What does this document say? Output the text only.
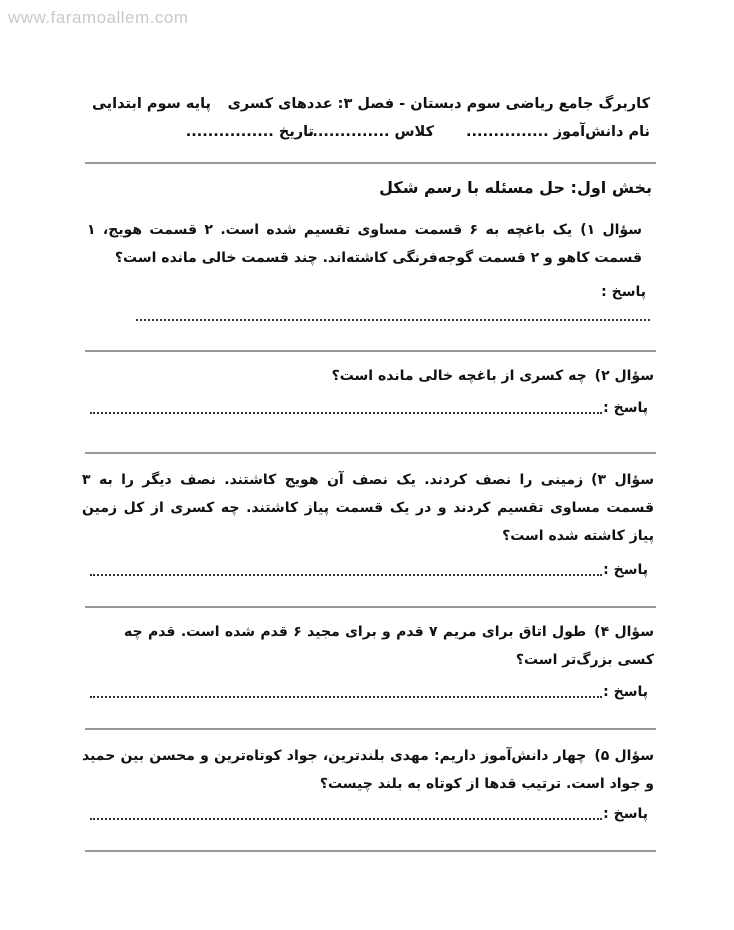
www.faramoallem.com
کاربرگ جامع ریاضی سوم دبستان - فصل ۳: عددهای کسری
پایه سوم ابتدایی
نام دانش‌آموز ...............
کلاس ...............
تاریخ ................
بخش اول: حل مسئله با رسم شکل
سؤال ۱)یک باغچه به ۶ قسمت مساوی تقسیم شده است. ۲ قسمت هویج، ۱ قسمت کاهو و ۲ قسمت گوجه‌فرنگی کاشته‌اند. چند قسمت خالی مانده است؟
پاسخ :
سؤال ۲)چه کسری از باغچه خالی مانده است؟
پاسخ :
سؤال ۳)زمینی را نصف کردند. یک نصف آن هویج کاشتند. نصف دیگر را به ۳ قسمت مساوی تقسیم کردند و در یک قسمت پیاز کاشتند. چه کسری از کل زمین پیاز کاشته شده است؟
پاسخ :
سؤال ۴)طول اتاق برای مریم ۷ قدم و برای مجید ۶ قدم شده است. قدم چه کسی بزرگ‌تر است؟
پاسخ :
سؤال ۵)چهار دانش‌آموز داریم: مهدی بلندترین، جواد کوتاه‌ترین و محسن بین حمید و جواد است. ترتیب قدها از کوتاه به بلند چیست؟
پاسخ :
